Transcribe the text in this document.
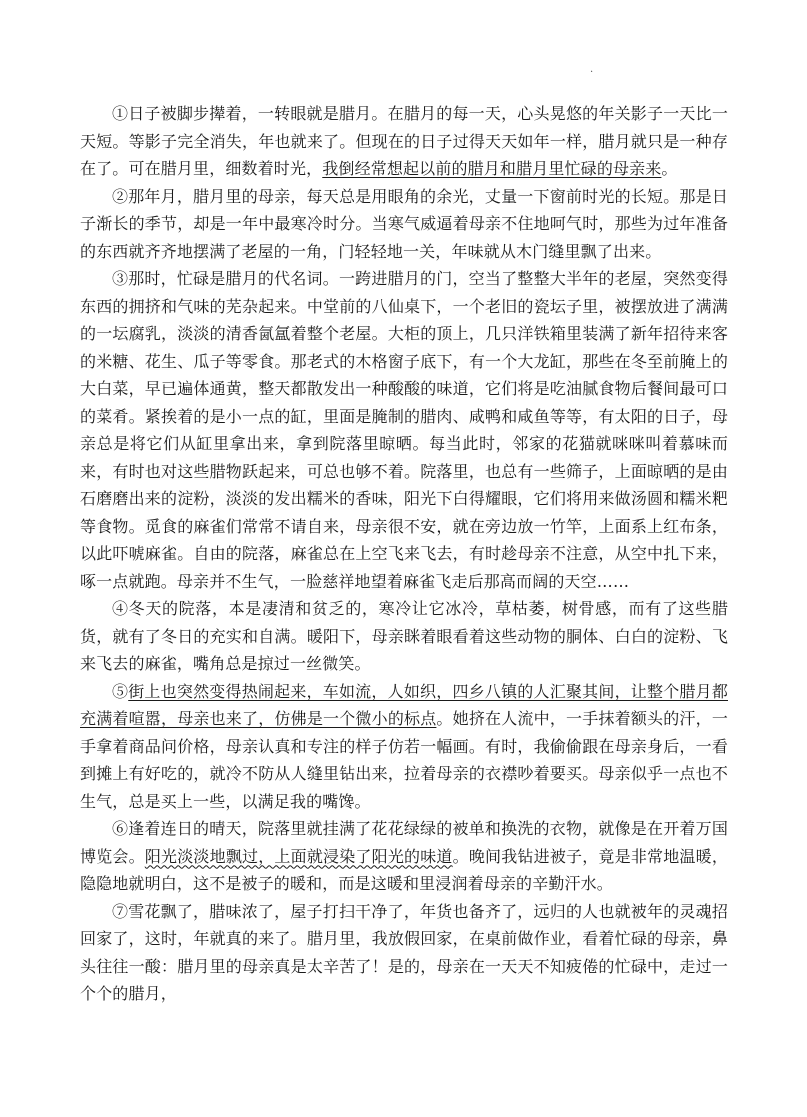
.

①日子被脚步撵着，一转眼就是腊月。在腊月的每一天，心头晃悠的年关影子一天比一天短。等影子完全消失，年也就来了。但现在的日子过得天天如年一样，腊月就只是一种存在了。可在腊月里，细数着时光，我倒经常想起以前的腊月和腊月里忙碌的母亲来。

②那年月，腊月里的母亲，每天总是用眼角的余光，丈量一下窗前时光的长短。那是日子渐长的季节，却是一年中最寒冷时分。当寒气威逼着母亲不住地呵气时，那些为过年准备的东西就齐齐地摆满了老屋的一角，门轻轻地一关，年味就从木门缝里飘了出来。

③那时，忙碌是腊月的代名词。一跨进腊月的门，空当了整整大半年的老屋，突然变得东西的拥挤和气味的芜杂起来。中堂前的八仙桌下，一个老旧的瓷坛子里，被摆放进了满满的一坛腐乳，淡淡的清香氤氲着整个老屋。大柜的顶上，几只洋铁箱里装满了新年招待来客的米糖、花生、瓜子等零食。那老式的木格窗子底下，有一个大龙缸，那些在冬至前腌上的大白菜，早已遍体通黄，整天都散发出一种酸酸的味道，它们将是吃油腻食物后餐间最可口的菜肴。紧挨着的是小一点的缸，里面是腌制的腊肉、咸鸭和咸鱼等等，有太阳的日子，母亲总是将它们从缸里拿出来，拿到院落里晾晒。每当此时，邻家的花猫就咪咪叫着慕味而来，有时也对这些腊物跃起来，可总也够不着。院落里，也总有一些筛子，上面晾晒的是由石磨磨出来的淀粉，淡淡的发出糯米的香味，阳光下白得耀眼，它们将用来做汤圆和糯米粑等食物。觅食的麻雀们常常不请自来，母亲很不安，就在旁边放一竹竿，上面系上红布条，以此吓唬麻雀。自由的院落，麻雀总在上空飞来飞去，有时趁母亲不注意，从空中扎下来，啄一点就跑。母亲并不生气，一脸慈祥地望着麻雀飞走后那高而阔的天空……

④冬天的院落，本是凄清和贫乏的，寒冷让它冰冷，草枯萎，树骨感，而有了这些腊货，就有了冬日的充实和自满。暖阳下，母亲眯着眼看着这些动物的胴体、白白的淀粉、飞来飞去的麻雀，嘴角总是掠过一丝微笑。

⑤街上也突然变得热闹起来，车如流，人如织，四乡八镇的人汇聚其间，让整个腊月都充满着喧嚣，母亲也来了，仿佛是一个微小的标点。她挤在人流中，一手抹着额头的汗，一手拿着商品问价格，母亲认真和专注的样子仿若一幅画。有时，我偷偷跟在母亲身后，一看到摊上有好吃的，就冷不防从人缝里钻出来，拉着母亲的衣襟吵着要买。母亲似乎一点也不生气，总是买上一些，以满足我的嘴馋。

⑥逢着连日的晴天，院落里就挂满了花花绿绿的被单和换洗的衣物，就像是在开着万国博览会。阳光淡淡地飘过，上面就浸染了阳光的味道。晚间我钻进被子，竟是非常地温暖，隐隐地就明白，这不是被子的暖和，而是这暖和里浸润着母亲的辛勤汗水。

⑦雪花飘了，腊味浓了，屋子打扫干净了，年货也备齐了，远归的人也就被年的灵魂招回家了，这时，年就真的来了。腊月里，我放假回家，在桌前做作业，看着忙碌的母亲，鼻头往往一酸：腊月里的母亲真是太辛苦了！是的，母亲在一天天不知疲倦的忙碌中，走过一个个的腊月，
